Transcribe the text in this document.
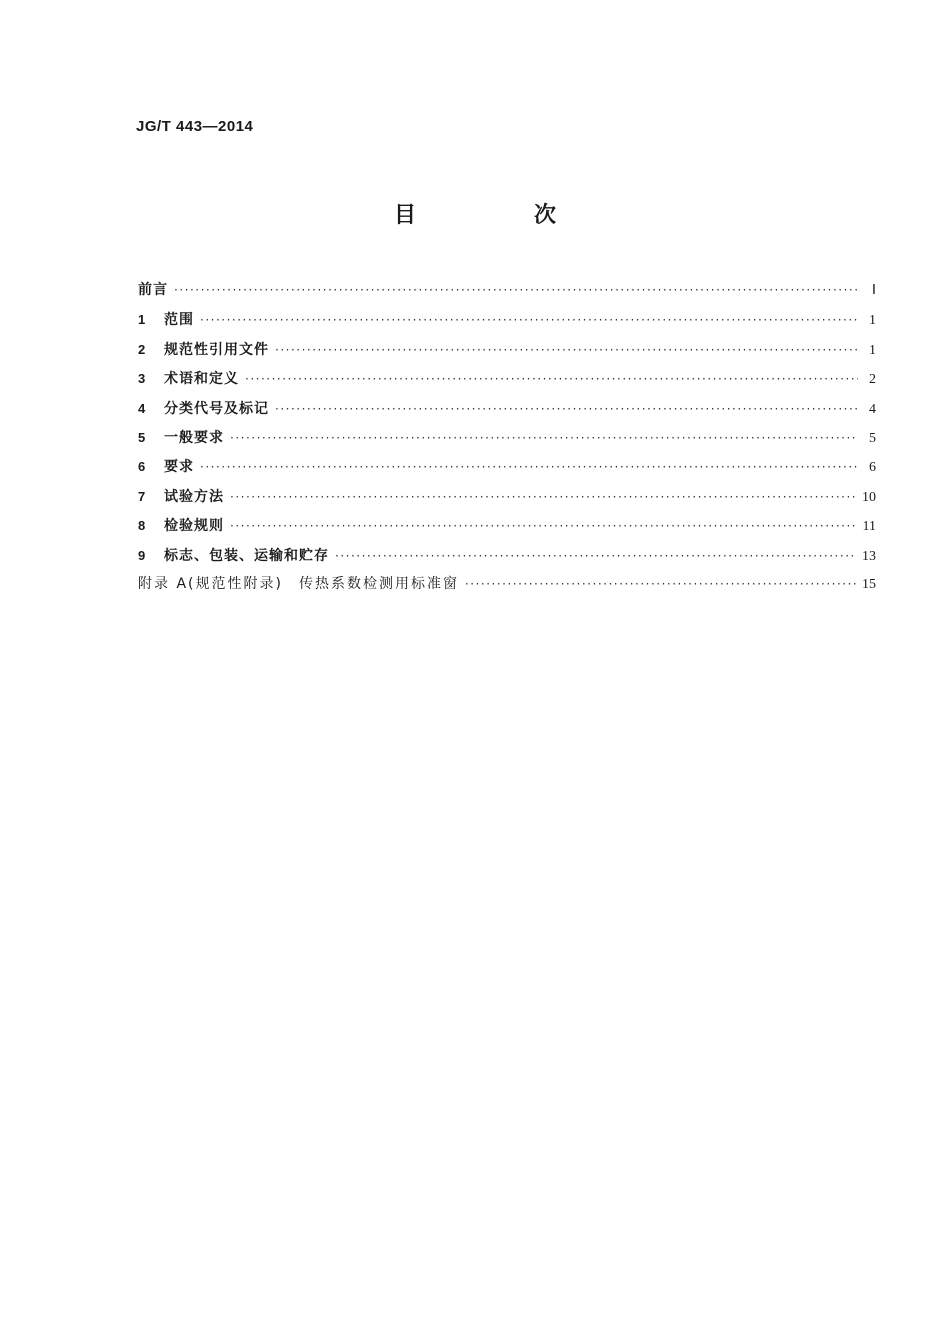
JG/T 443—2014
目　次
前言 ·····	Ⅰ
1	范围 ·····	1
2	规范性引用文件 ·····	1
3	术语和定义 ·····	2
4	分类代号及标记 ·····	4
5	一般要求 ·····	5
6	要求 ·····	6
7	试验方法 ·····	10
8	检验规则 ·····	11
9	标志、包装、运输和贮存 ·····	13
附录 A(规范性附录)　传热系数检测用标准窗 ·····	15
